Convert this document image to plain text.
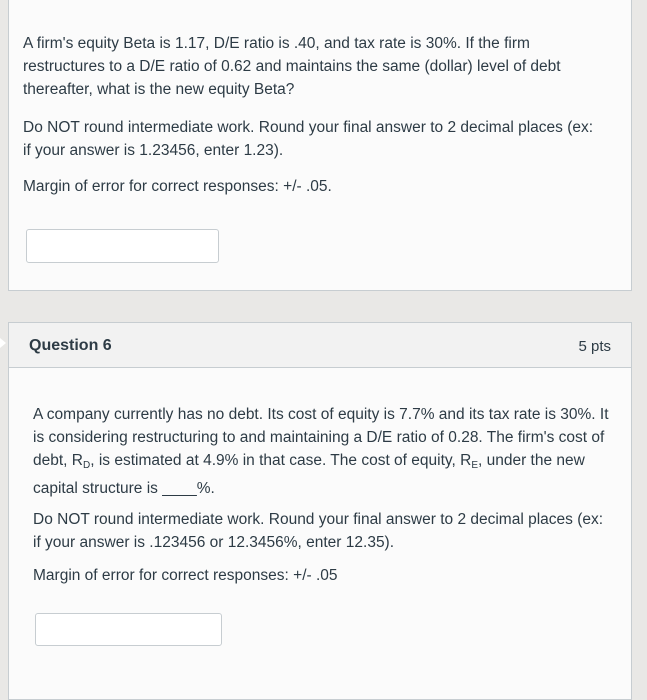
A firm's equity Beta is 1.17, D/E ratio is .40, and tax rate is 30%. If the firm

restructures to a D/E ratio of 0.62 and maintains the same (dollar) level of debt

thereafter, what is the new equity Beta?

Do NOT round intermediate work. Round your final answer to 2 decimal places (ex:

if your answer is 1.23456, enter 1.23).

Margin of error for correct responses: +/- .05.

Question 6	5 pts

A company currently has no debt. Its cost of equity is 7.7% and its tax rate is 30%. It

is considering restructuring to and maintaining a D/E ratio of 0.28. The firm's cost of

debt, $R_D$, is estimated at 4.9% in that case. The cost of equity, $R_E$, under the new

capital structure is ____%.

Do NOT round intermediate work. Round your final answer to 2 decimal places (ex:

if your answer is .123456 or 12.3456%, enter 12.35).

Margin of error for correct responses: +/- .05
